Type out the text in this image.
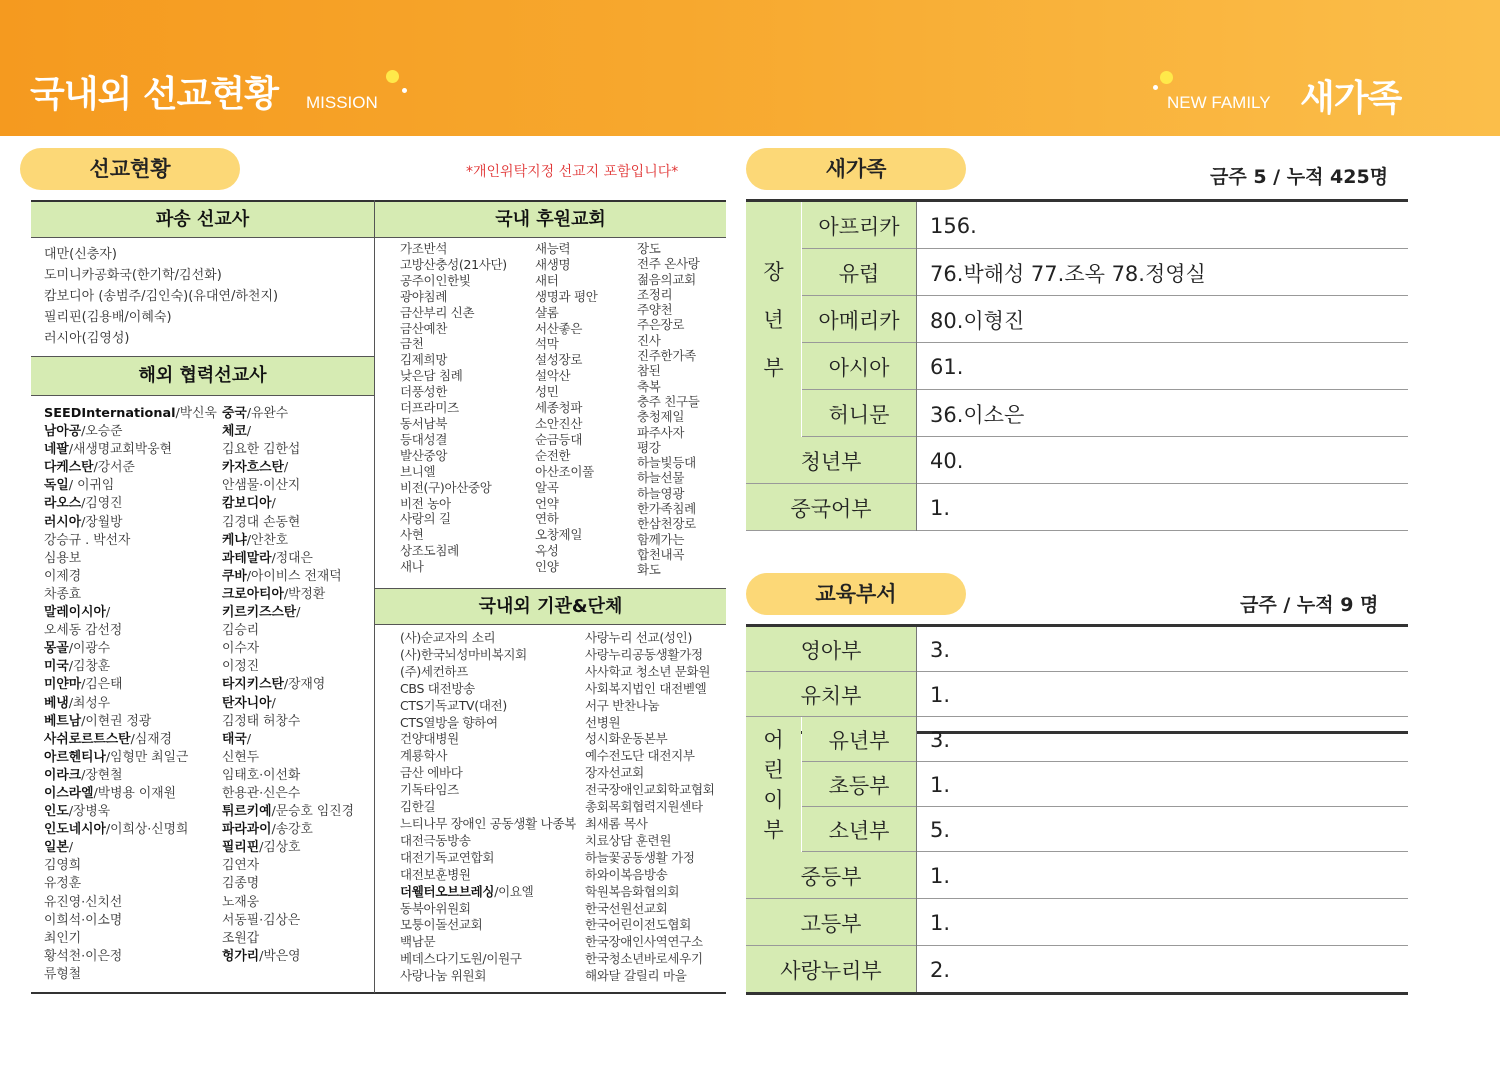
국내외 선교현황 MISSION	NEW FAMILY 새가족
선교현황	*개인위탁지정 선교지 포함입니다*
파송 선교사
대만(신충자)
도미니카공화국(한기학/김선화)
캄보디아 (송범주/김인숙)(유대연/하천지)
필리핀(김용배/이혜숙)
러시아(김영성)
해외 협력선교사
SEEDInternational/박신욱
남아공/오승준
네팔/새생명교회박웅현
다케스탄/강서준
독일/ 이귀임
라오스/김영진
러시아/장월방
강승규 . 박선자
심용보
이제경
차종효
말레이시아/
오세동 감선정
몽골/이광수
미국/김창훈
미얀마/김은태
베냉/최성우
베트남/이현권 정광
사쉬로르트스탄/심재경
아르헨티나/임형만 최일근
이라크/장현철
이스라엘/박병용 이재원
인도/장병욱
인도네시아/이희상·신명희
일본/
김영희
유정훈
유진영·신치선
이희석·이소명
최인기
황석천·이은정
류형철
중국/유완수
체코/
김요한 김한섭
카자흐스탄/
안샘물·이산지
캄보디아/
김경대 손동현
케냐/안찬호
과테말라/정대은
쿠바/아이비스 전재덕
크로아티아/박정환
키르키즈스탄/
김승리
이수자
이정진
타지키스탄/장재영
탄자니아/
김정태 허창수
태국/
신현두
임태호·이선화
한용관·신은수
튀르키예/문승호 임진경
파라과이/송강호
필리핀/김상호
김연자
김종명
노재웅
서동필·김상은
조원갑
헝가리/박은영
국내 후원교회
가조반석
고방산충성(21사단)
공주이인한빛
광야침례
금산부리 신촌
금산예찬
금천
김제희망
낮은담 침례
더풍성한
더프라미즈
동서남북
등대성결
발산중앙
브니엘
비전(구)아산중앙
비전 농아
사랑의 길
사현
상조도침례
새나
새능력
새생명
새터
생명과 평안
샬롬
서산좋은
석막
설성장로
설악산
성민
세종청파
소안진산
순금등대
순전한
아산조이풀
알곡
언약
연하
오창제일
옥성
인양
장도
전주 온사랑
젊음의교회
조정리
주양천
주은장로
진사
진주한가족
참된
축복
충주 친구들
충청제일
파주사자
평강
하늘빛등대
하늘선물
하늘영광
한가족침례
한삼천장로
함께가는
합천내곡
화도
국내외 기관&단체
(사)순교자의 소리
(사)한국뇌성마비복지회
(주)세컨하프
CBS 대전방송
CTS기독교TV(대전)
CTS열방을 향하여
건양대병원
계룡학사
금산 에바다
기독타임즈
김한길
느티나무 장애인 공동생활 나종복
대전극동방송
대전기독교연합회
대전보훈병원
더웰터오브브레싱/이요엘
동북아위원회
모퉁이돌선교회
백남문
베데스다기도원/이원구
사랑나눔 위원회
사랑누리 선교(성인)
사랑누리공동생활가정
사사학교 청소년 문화원
사회복지법인 대전벧엘
서구 반찬나눔
선병원
성시화운동본부
예수전도단 대전지부
장자선교회
전국장애인교회학교협회
총회목회협력지원센타
최새롬 목사
치료상담 훈련원
하늘꽃공동생활 가정
하와이복음방송
학원복음화협의회
한국선원선교회
한국어린이전도협회
한국장애인사역연구소
한국청소년바로세우기
해와달 갈릴리 마을
새가족	금주 5 / 누적 425명
장
년
부
아프리카	156.
유럽	76.박해성 77.조옥 78.정영실
아메리카	80.이형진
아시아	61.
허니문	36.이소은
청년부	40.
중국어부	1.
교육부서	금주 / 누적 9 명
영아부	3.
유치부	1.
어
린
이
부
유년부	3.
초등부	1.
소년부	5.
중등부	1.
고등부	1.
사랑누리부	2.
